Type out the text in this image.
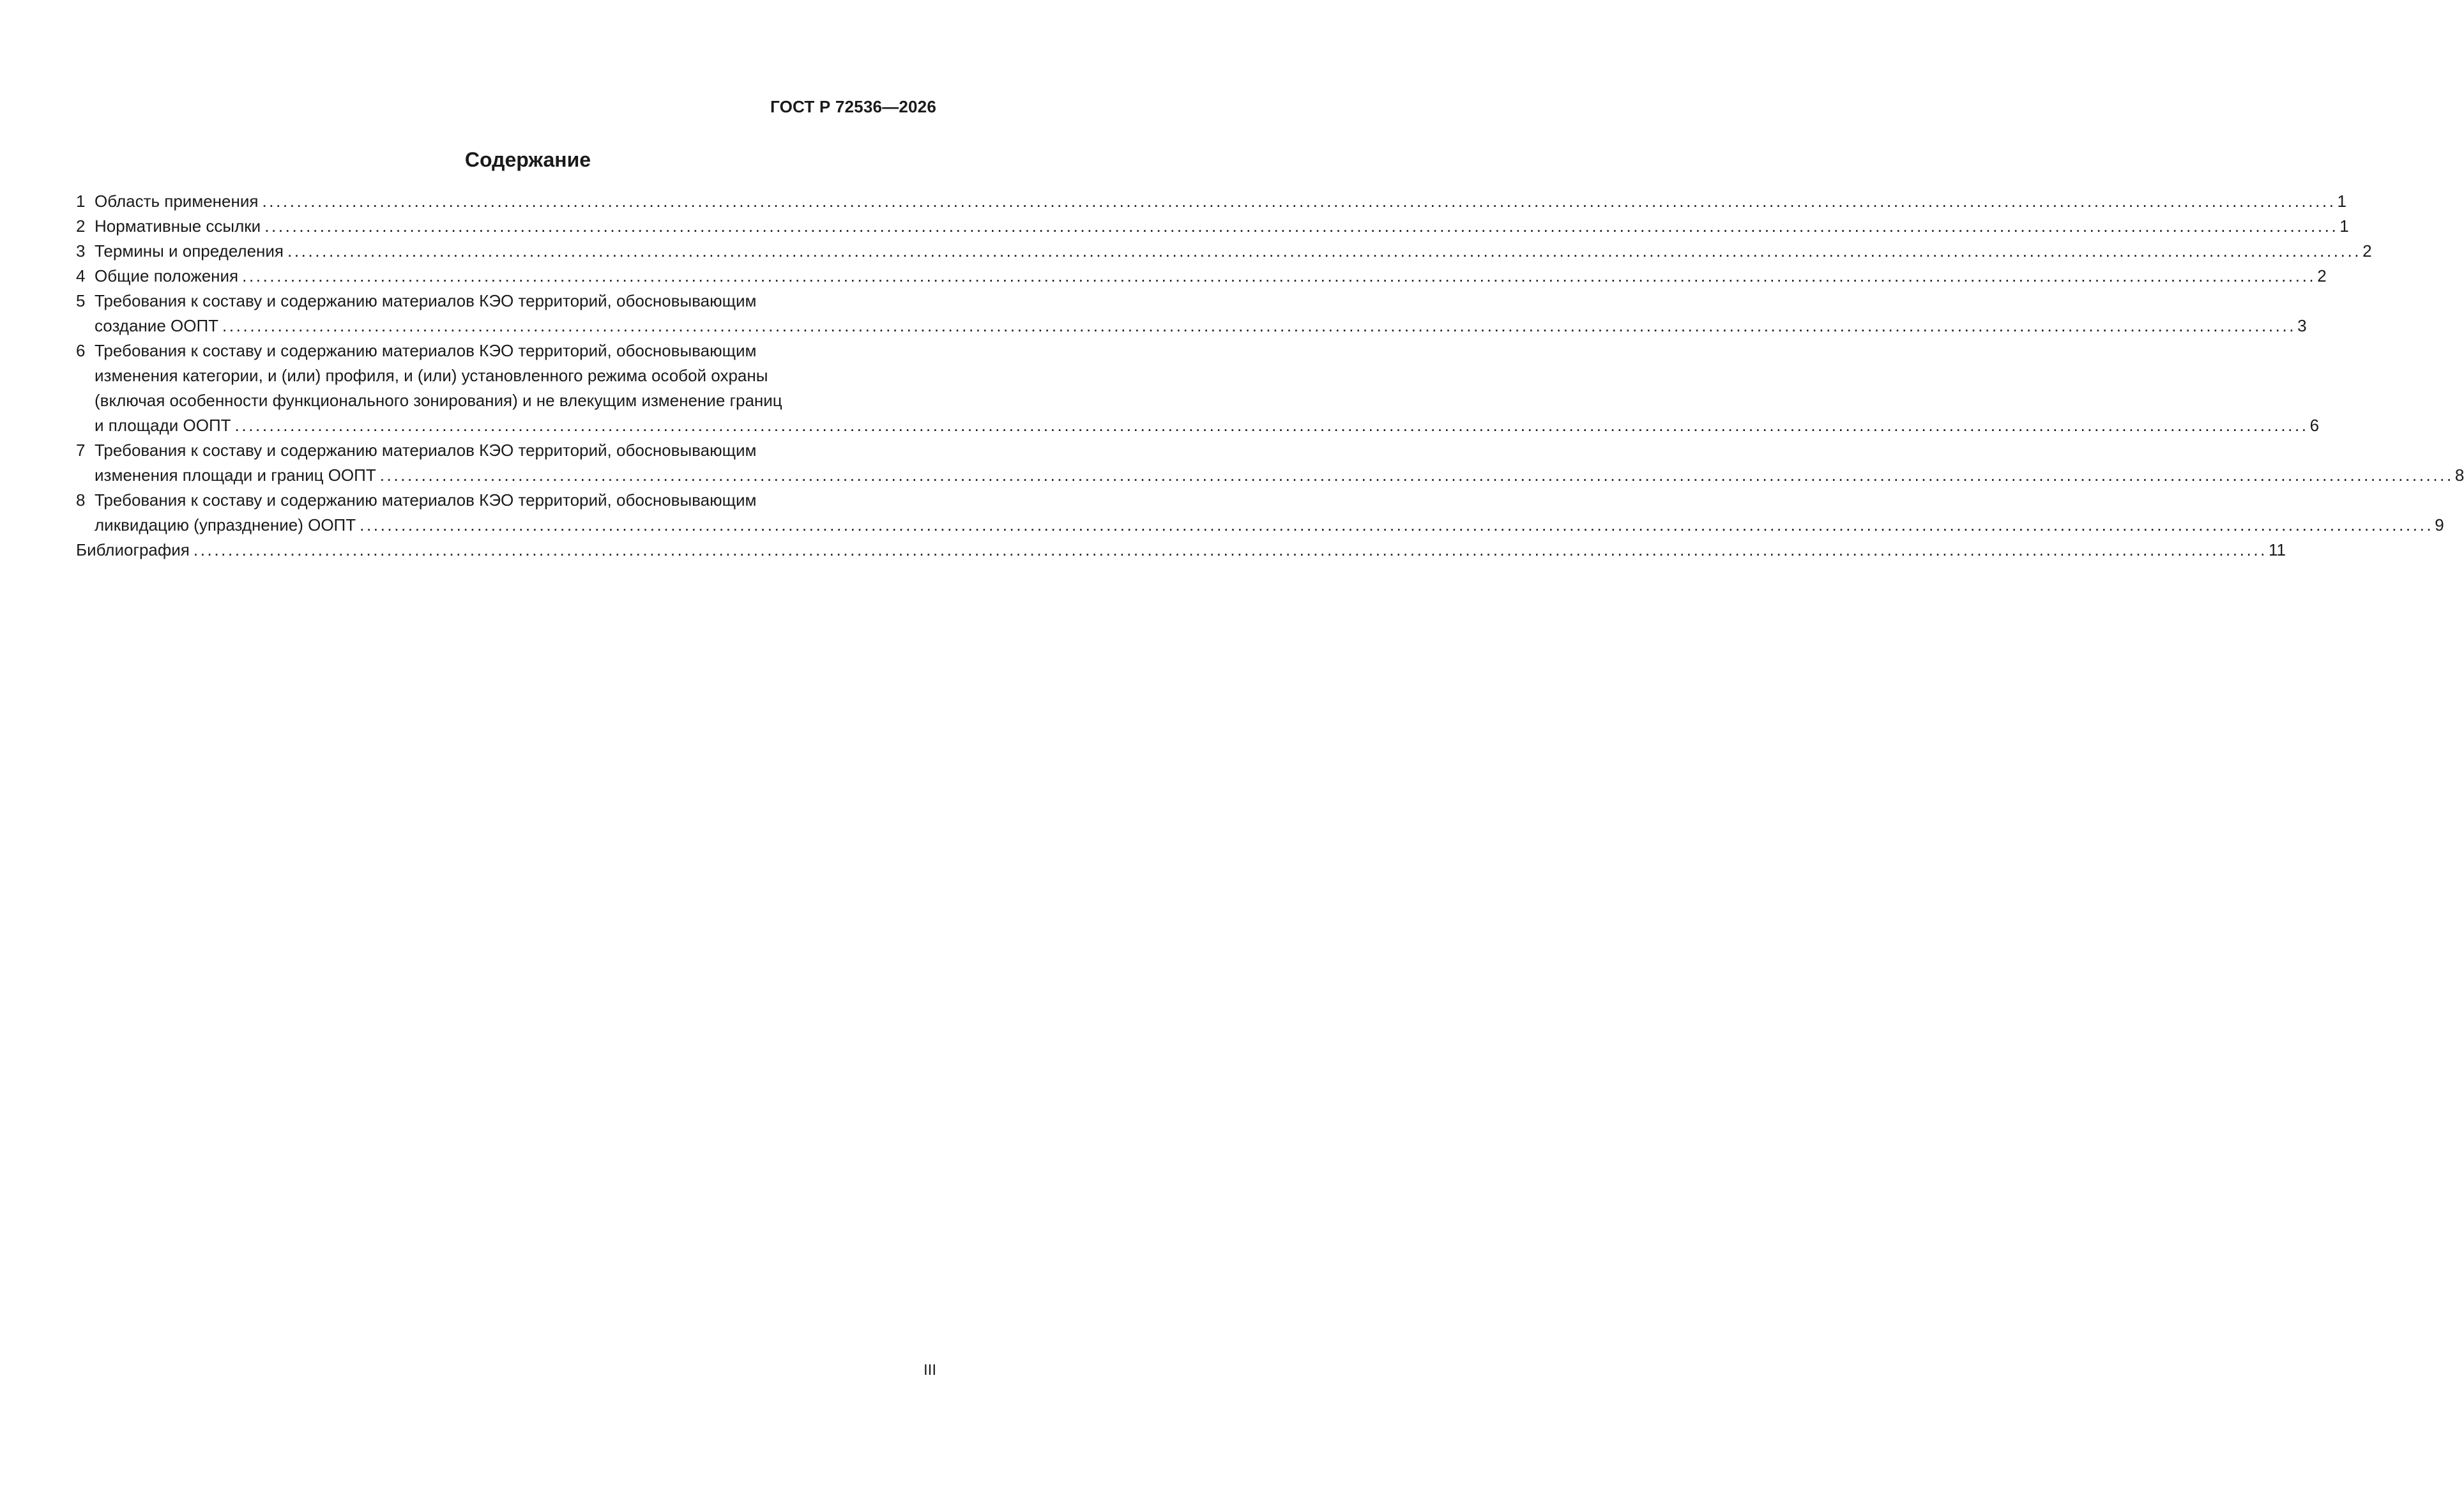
ГОСТ Р 72536—2026
Содержание
1 Область применения ............................................................................................................................................................................................................................................................................................................ 1
2 Нормативные ссылки ............................................................................................................................................................................................................................................................................................................ 1
3 Термины и определения ............................................................................................................................................................................................................................................................................................................ 2
4 Общие положения ............................................................................................................................................................................................................................................................................................................ 2
5 Требования к составу и содержанию материалов КЭО территорий, обосновывающим
создание ООПТ ............................................................................................................................................................................................................................................................................................................ 3
6 Требования к составу и содержанию материалов КЭО территорий, обосновывающим
изменения категории, и (или) профиля, и (или) установленного режима особой охраны
(включая особенности функционального зонирования) и не влекущим изменение границ
и площади ООПТ ............................................................................................................................................................................................................................................................................................................ 6
7 Требования к составу и содержанию материалов КЭО территорий, обосновывающим
изменения площади и границ ООПТ ............................................................................................................................................................................................................................................................................................................ 8
8 Требования к составу и содержанию материалов КЭО территорий, обосновывающим
ликвидацию (упразднение) ООПТ ............................................................................................................................................................................................................................................................................................................ 9
Библиография ............................................................................................................................................................................................................................................................................................................ 11
III
